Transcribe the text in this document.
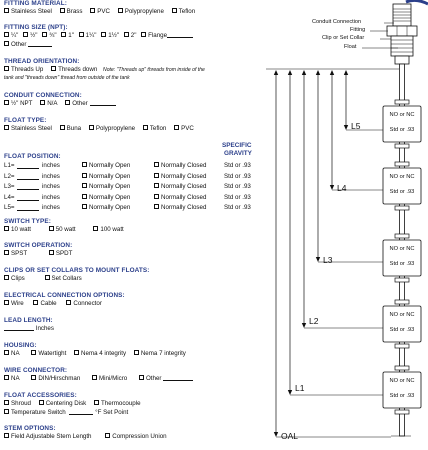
FITTING MATERIAL:
Stainless Steel Brass PVC Polypropylene Teflon
FITTING SIZE (NPT):
¼" ½" ¾" 1" 1¼" 1½" 2" Flange
Other
THREAD ORIENTATION:
Threads Up Threads down Note: "Threads up" threads from inside of the
tank and "threads down" thread from outside of the tank
CONDUIT CONNECTION:
½" NPT N/A Other
FLOAT TYPE:
Stainless Steel Buna Polypropylene Teflon PVC
SPECIFIC
GRAVITY
FLOAT POSITION:
L1=	inches	Normally Open	Normally Closed	Std or .93
L2=	inches	Normally Open	Normally Closed	Std or .93
L3=	inches	Normally Open	Normally Closed	Std or .93
L4=	inches	Normally Open	Normally Closed	Std or .93
L5=	inches	Normally Open	Normally Closed	Std or .93
SWITCH TYPE:
10 watt	50 watt	100 watt
SWITCH OPERATION:
SPST	SPDT
CLIPS OR SET COLLARS TO MOUNT FLOATS:
Clips	Set Collars
ELECTRICAL CONNECTION OPTIONS:
Wire	Cable	Connector
LEAD LENGTH:
Inches
HOUSING:
NA	Watertight Nema 4 integrity Nema 7 integrity
WIRE CONNECTOR:
NA	DIN/Hirschman	Mini/Micro	Other
FLOAT ACCESSORIES:
Shroud Centering Disk Thermocouple
Temperature Switch	°F Set Point
STEM OPTIONS:
Field Adjustable Stem Length	Compression Union
Conduit Connection
Fitting
Clip or Set Collar
Float
NO or NC
Std or .93
NO or NC
Std or .93
NO or NC
Std or .93
NO or NC
Std or .93
NO or NC
Std or .93
OAL
L1
L2
L3
L4
L5
